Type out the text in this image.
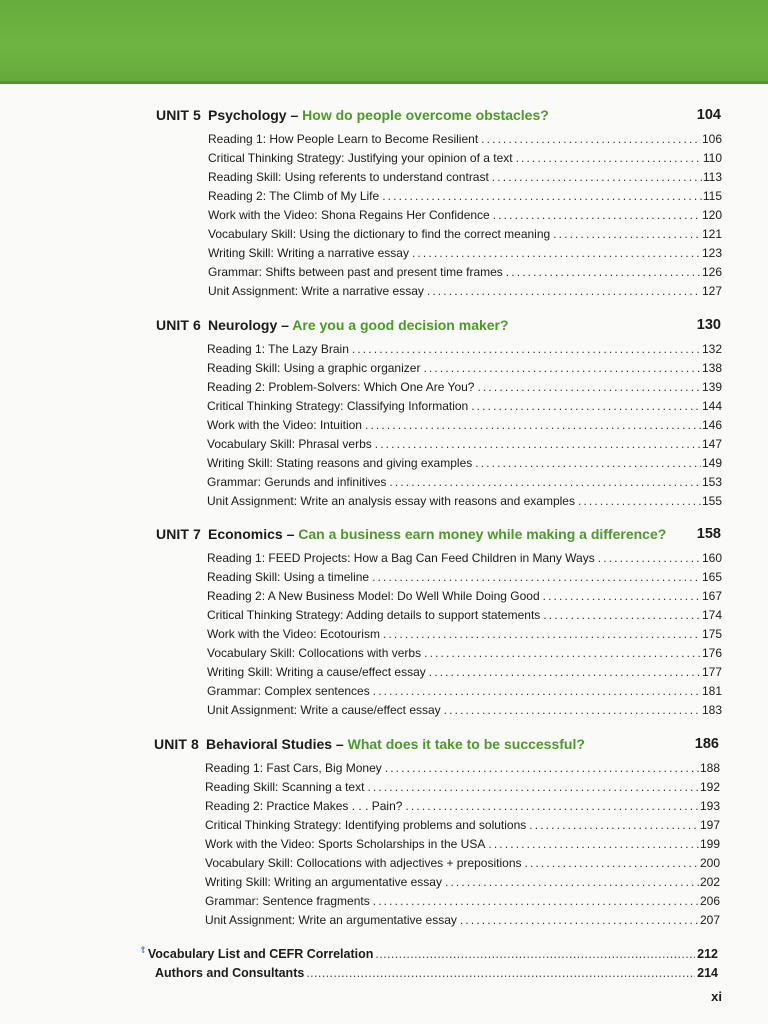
UNIT 5 Psychology – How do people overcome obstacles?	104
Reading 1: How People Learn to Become Resilient . . .	106
Critical Thinking Strategy: Justifying your opinion of a text . . .	110
Reading Skill: Using referents to understand contrast . . .	113
Reading 2: The Climb of My Life . . .	115
Work with the Video: Shona Regains Her Confidence . . .	120
Vocabulary Skill: Using the dictionary to find the correct meaning . . .	121
Writing Skill: Writing a narrative essay . . .	123
Grammar: Shifts between past and present time frames . . .	126
Unit Assignment: Write a narrative essay . . .	127
UNIT 6 Neurology – Are you a good decision maker?	130
Reading 1: The Lazy Brain . . .	132
Reading Skill: Using a graphic organizer . . .	138
Reading 2: Problem-Solvers: Which One Are You? . . .	139
Critical Thinking Strategy: Classifying Information . . .	144
Work with the Video: Intuition . . .	146
Vocabulary Skill: Phrasal verbs . . .	147
Writing Skill: Stating reasons and giving examples . . .	149
Grammar: Gerunds and infinitives . . .	153
Unit Assignment: Write an analysis essay with reasons and examples . . .	155
UNIT 7 Economics – Can a business earn money while making a difference? 158
Reading 1: FEED Projects: How a Bag Can Feed Children in Many Ways . . .	160
Reading Skill: Using a timeline . . .	165
Reading 2: A New Business Model: Do Well While Doing Good . . .	167
Critical Thinking Strategy: Adding details to support statements . . .	174
Work with the Video: Ecotourism . . .	175
Vocabulary Skill: Collocations with verbs . . .	176
Writing Skill: Writing a cause/effect essay . . .	177
Grammar: Complex sentences . . .	181
Unit Assignment: Write a cause/effect essay . . .	183
UNIT 8 Behavioral Studies – What does it take to be successful?	186
Reading 1: Fast Cars, Big Money . . .	188
Reading Skill: Scanning a text . . .	192
Reading 2: Practice Makes . . . Pain? . . .	193
Critical Thinking Strategy: Identifying problems and solutions . . .	197
Work with the Video: Sports Scholarships in the USA . . .	199
Vocabulary Skill: Collocations with adjectives + prepositions . . .	200
Writing Skill: Writing an argumentative essay . . .	202
Grammar: Sentence fragments . . .	206
Unit Assignment: Write an argumentative essay . . .	207
Vocabulary List and CEFR Correlation .....	212
Authors and Consultants .....	214
xi
